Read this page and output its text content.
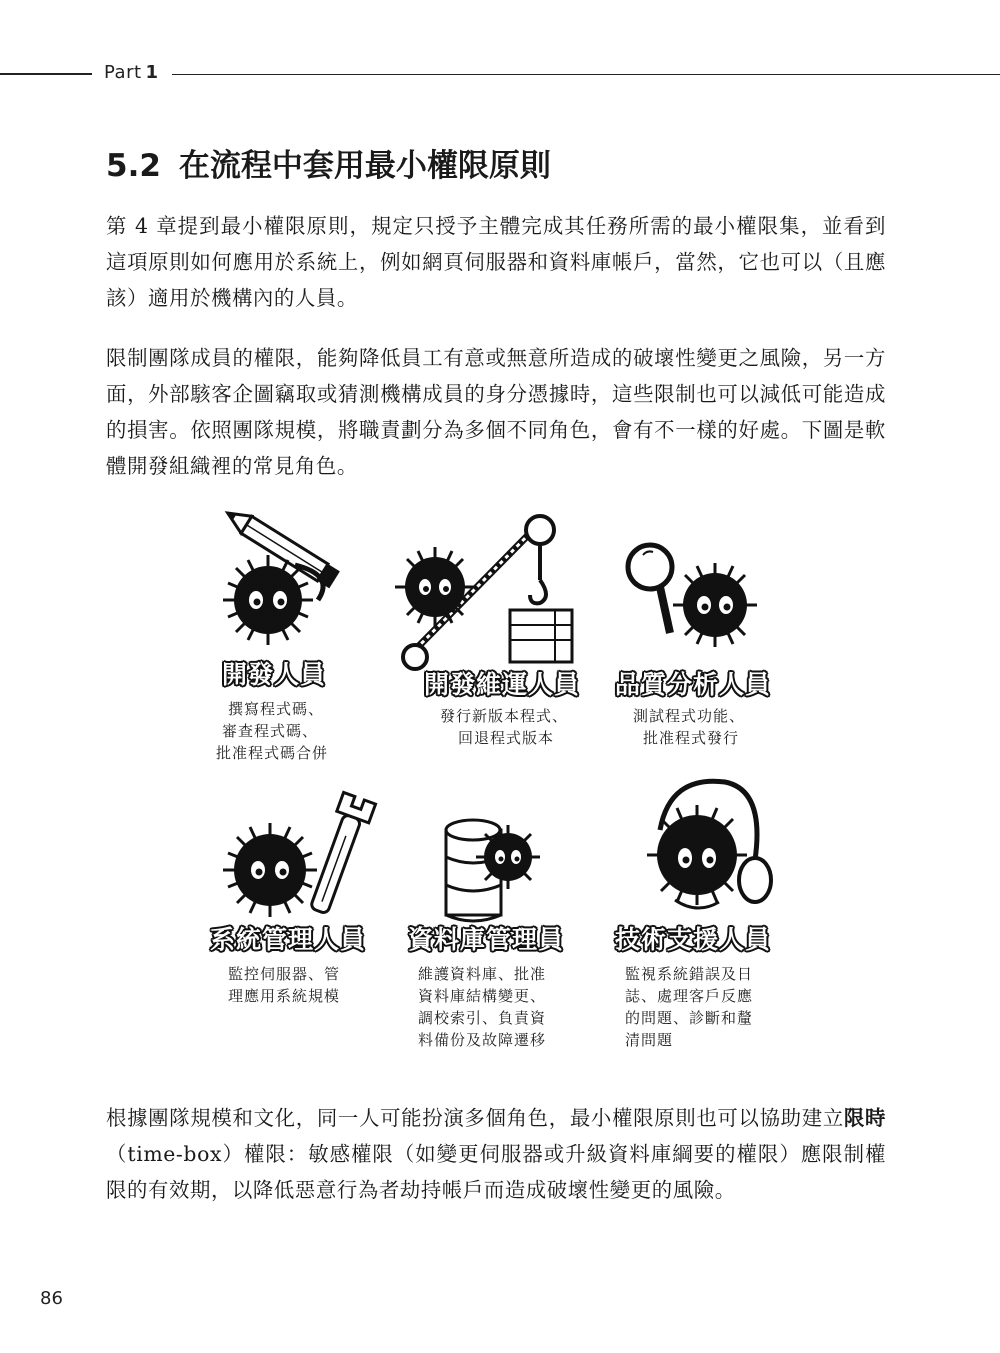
Part 1
5.2 在流程中套用最小權限原則

第 4 章提到最小權限原則，規定只授予主體完成其任務所需的最小權限集，並看到這項原則如何應用於系統上，例如網頁伺服器和資料庫帳戶，當然，它也可以（且應該）適用於機構內的人員。

限制團隊成員的權限，能夠降低員工有意或無意所造成的破壞性變更之風險，另一方面，外部駭客企圖竊取或猜測機構成員的身分憑據時，這些限制也可以減低可能造成的損害。依照團隊規模，將職責劃分為多個不同角色，會有不一樣的好處。下圖是軟體開發組織裡的常見角色。

開發人員
撰寫程式碼、
審查程式碼、
批准程式碼合併
開發維運人員
發行新版本程式、
回退程式版本
品質分析人員
測試程式功能、
批准程式發行
系統管理人員
監控伺服器、管
理應用系統規模
資料庫管理員
維護資料庫、批准
資料庫結構變更、
調校索引、負責資
料備份及故障遷移
技術支援人員
監視系統錯誤及日
誌、處理客戶反應
的問題、診斷和釐
清問題

根據團隊規模和文化，同一人可能扮演多個角色，最小權限原則也可以協助建立限時（time-box）權限：敏感權限（如變更伺服器或升級資料庫綱要的權限）應限制權限的有效期，以降低惡意行為者劫持帳戶而造成破壞性變更的風險。

86
